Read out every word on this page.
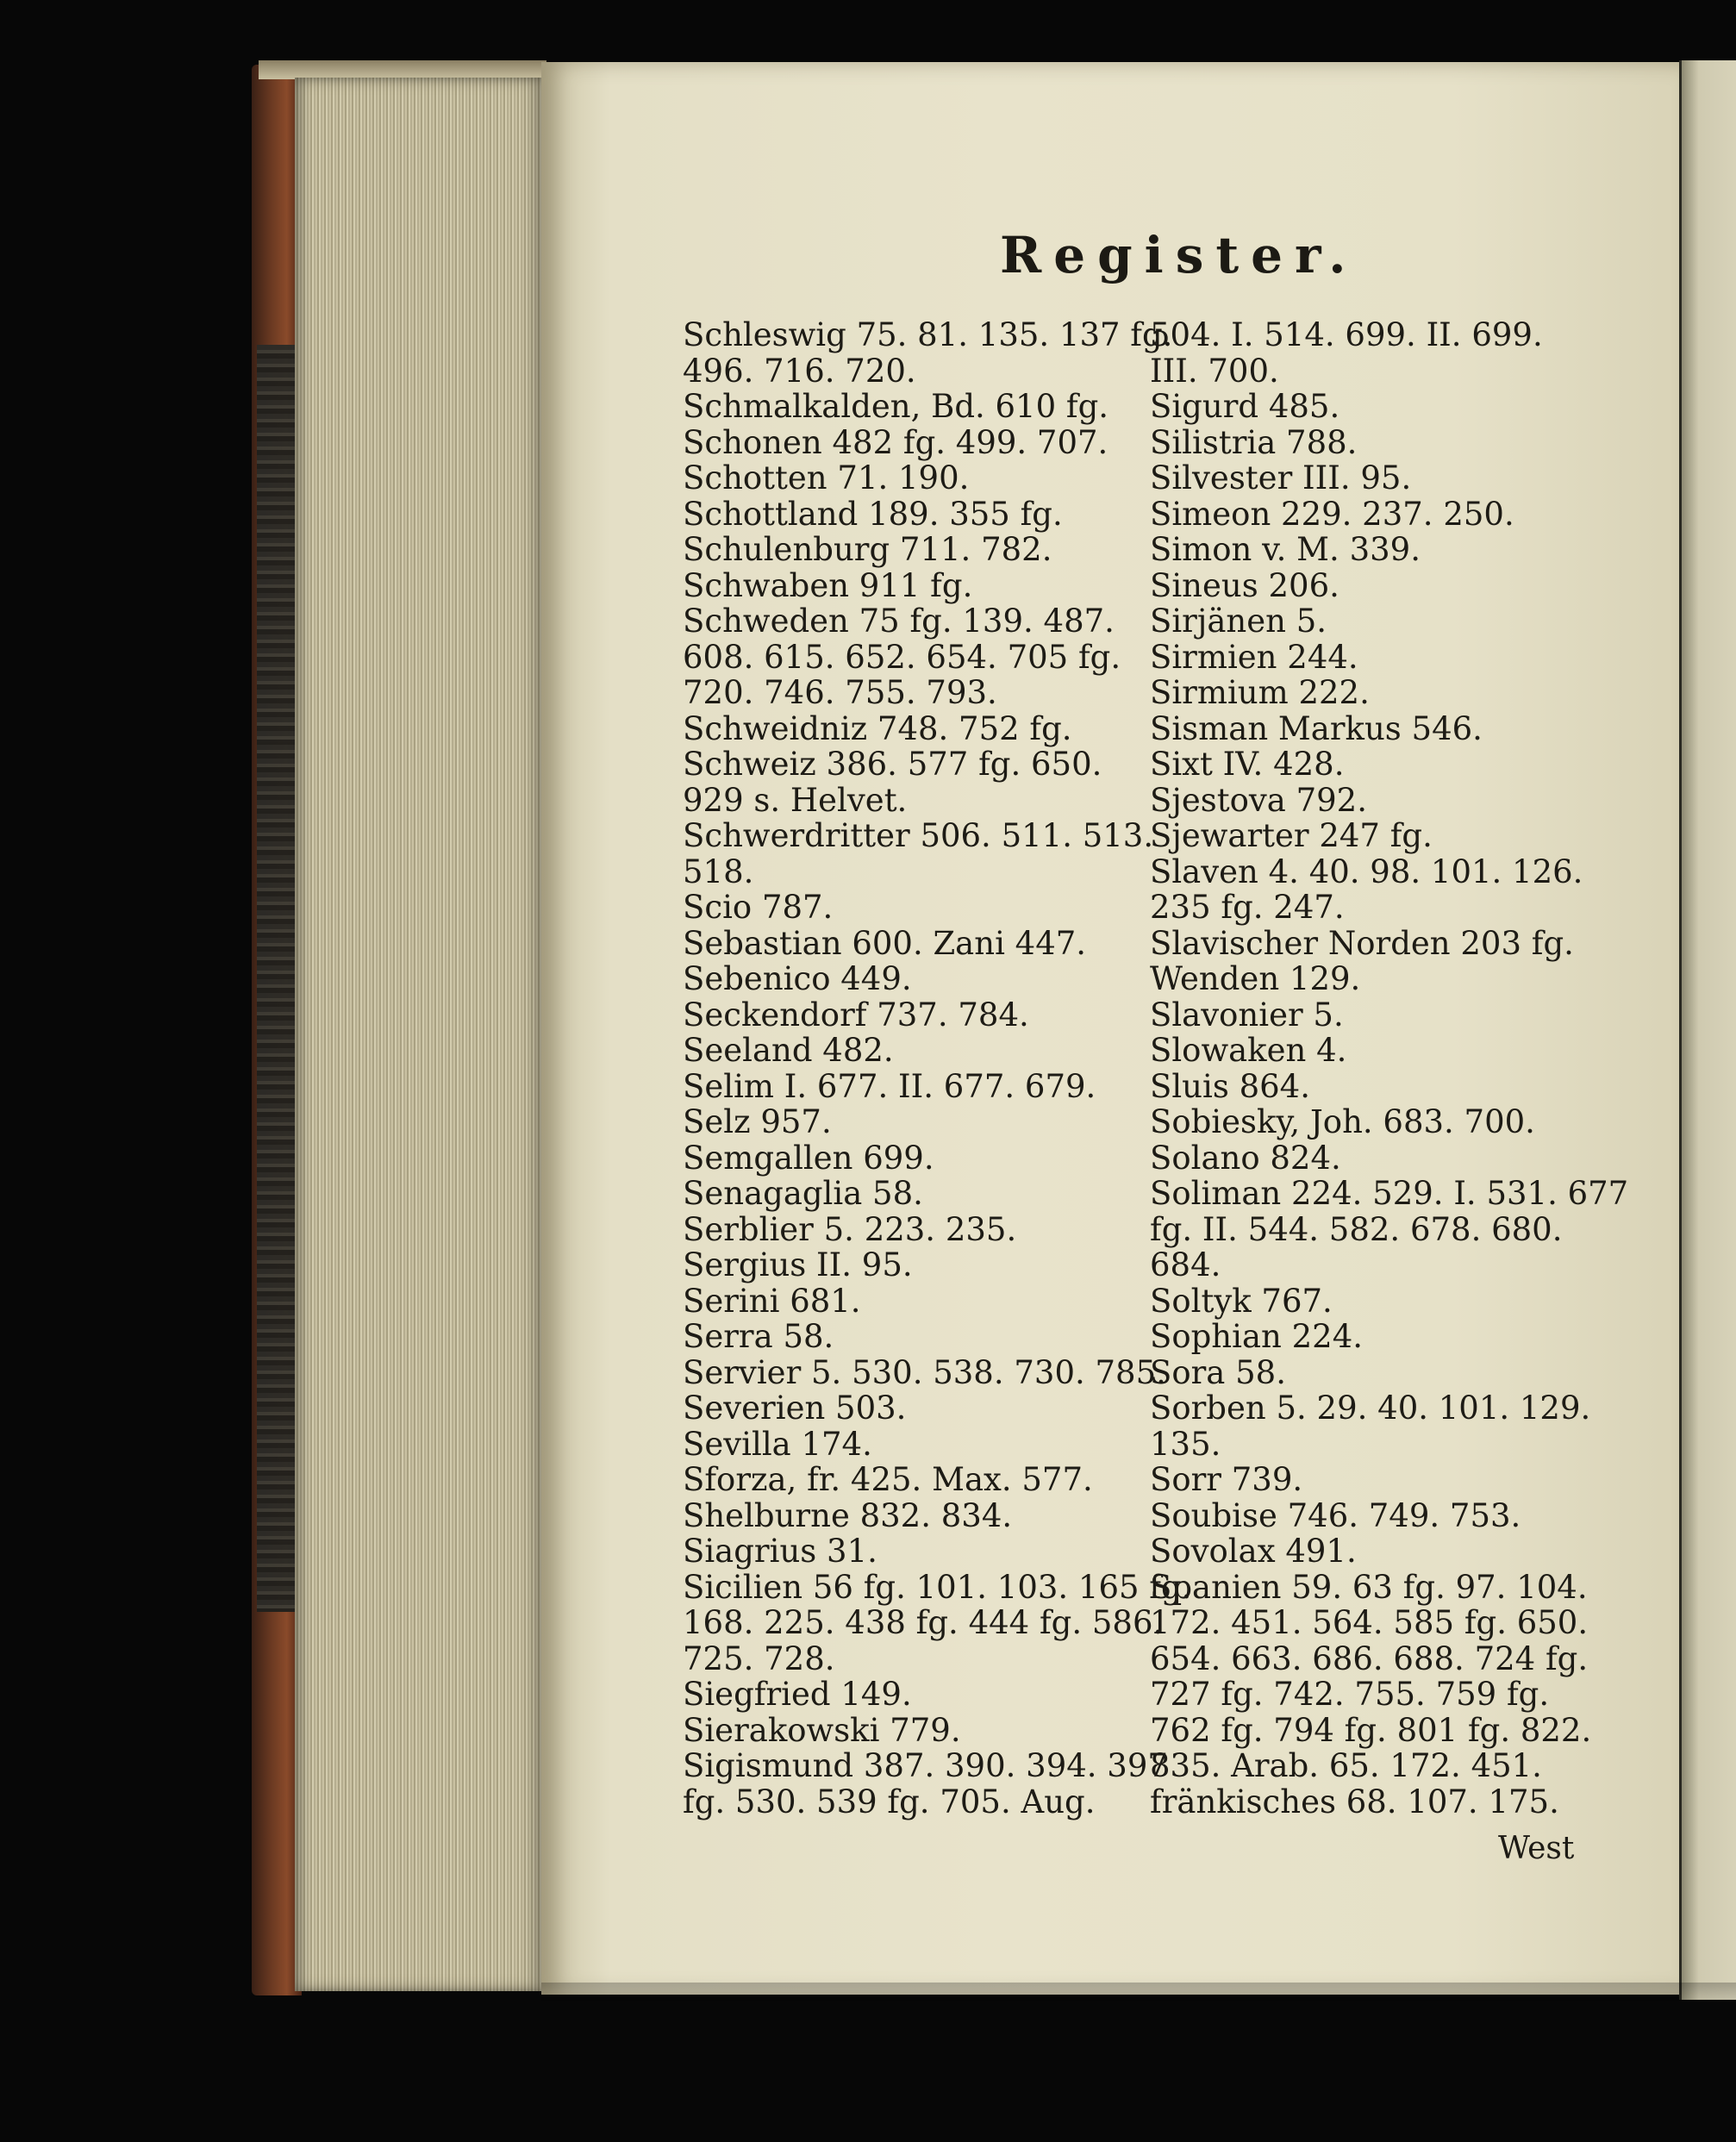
Register.
Schleswig 75. 81. 135. 137 fg.
496. 716. 720.
Schmalkalden, Bd. 610 fg.
Schonen 482 fg. 499. 707.
Schotten 71. 190.
Schottland 189. 355 fg.
Schulenburg 711. 782.
Schwaben 911 fg.
Schweden 75 fg. 139. 487.
608. 615. 652. 654. 705 fg.
720. 746. 755. 793.
Schweidniz 748. 752 fg.
Schweiz 386. 577 fg. 650.
929 s. Helvet.
Schwerdritter 506. 511. 513.
518.
Scio 787.
Sebastian 600. Zani 447.
Sebenico 449.
Seckendorf 737. 784.
Seeland 482.
Selim I. 677. II. 677. 679.
Selz 957.
Semgallen 699.
Senagaglia 58.
Serblier 5. 223. 235.
Sergius II. 95.
Serini 681.
Serra 58.
Servier 5. 530. 538. 730. 785.
Severien 503.
Sevilla 174.
Sforza, fr. 425. Max. 577.
Shelburne 832. 834.
Siagrius 31.
Sicilien 56 fg. 101. 103. 165 fg.
168. 225. 438 fg. 444 fg. 586.
725. 728.
Siegfried 149.
Sierakowski 779.
Sigismund 387. 390. 394. 397
fg. 530. 539 fg. 705. Aug.
504. I. 514. 699. II. 699.
III. 700.
Sigurd 485.
Silistria 788.
Silvester III. 95.
Simeon 229. 237. 250.
Simon v. M. 339.
Sineus 206.
Sirjänen 5.
Sirmien 244.
Sirmium 222.
Sisman Markus 546.
Sixt IV. 428.
Sjestova 792.
Sjewarter 247 fg.
Slaven 4. 40. 98. 101. 126.
235 fg. 247.
Slavischer Norden 203 fg.
Wenden 129.
Slavonier 5.
Slowaken 4.
Sluis 864.
Sobiesky, Joh. 683. 700.
Solano 824.
Soliman 224. 529. I. 531. 677
fg. II. 544. 582. 678. 680.
684.
Soltyk 767.
Sophian 224.
Sora 58.
Sorben 5. 29. 40. 101. 129.
135.
Sorr 739.
Soubise 746. 749. 753.
Sovolax 491.
Spanien 59. 63 fg. 97. 104.
172. 451. 564. 585 fg. 650.
654. 663. 686. 688. 724 fg.
727 fg. 742. 755. 759 fg.
762 fg. 794 fg. 801 fg. 822.
835. Arab. 65. 172. 451.
fränkisches 68. 107. 175.
West
